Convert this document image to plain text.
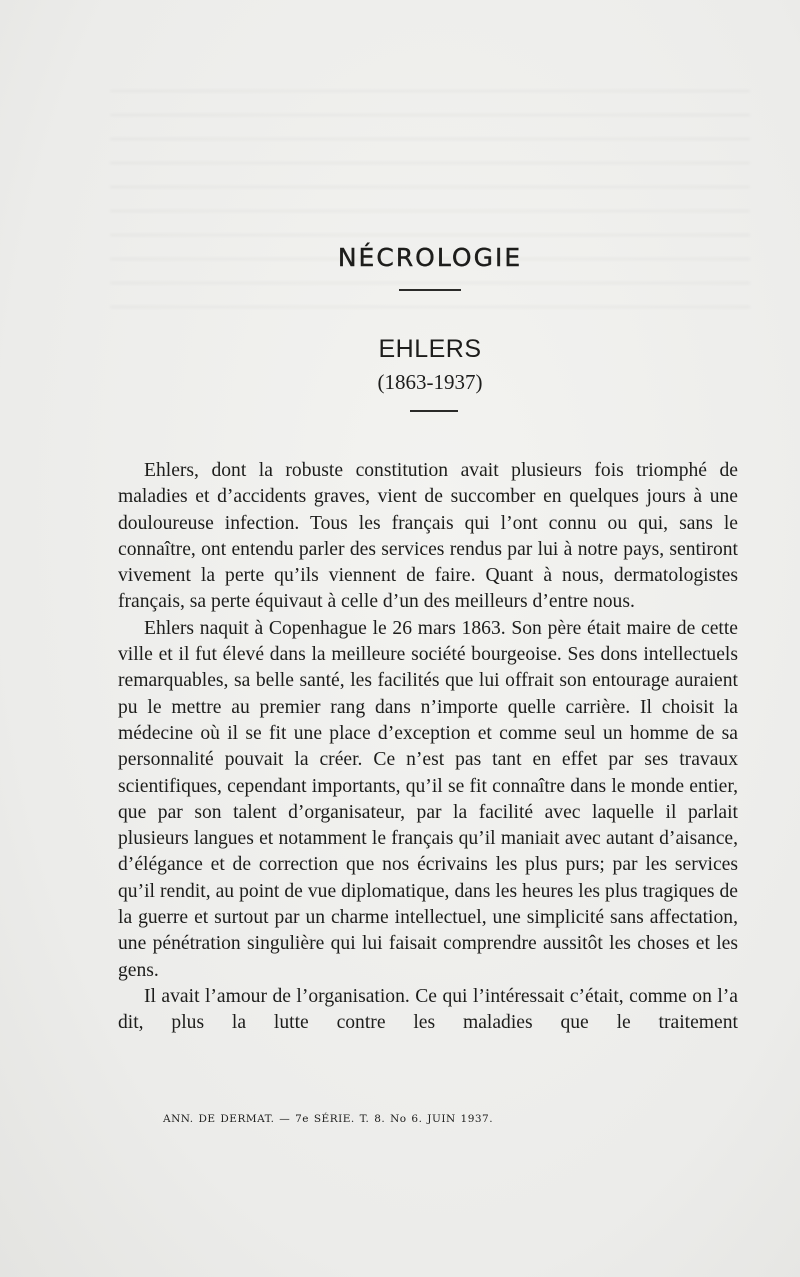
NÉCROLOGIE
EHLERS
(1863-1937)

Ehlers, dont la robuste constitution avait plusieurs fois triomphé de maladies et d’accidents graves, vient de succomber en quelques jours à une douloureuse infection. Tous les français qui l’ont connu ou qui, sans le connaître, ont entendu parler des services rendus par lui à notre pays, sentiront vivement la perte qu’ils viennent de faire. Quant à nous, dermatologistes français, sa perte équivaut à celle d’un des meilleurs d’entre nous.

Ehlers naquit à Copenhague le 26 mars 1863. Son père était maire de cette ville et il fut élevé dans la meilleure société bourgeoise. Ses dons intellectuels remarquables, sa belle santé, les facilités que lui offrait son entourage auraient pu le mettre au premier rang dans n’importe quelle carrière. Il choisit la médecine où il se fit une place d’exception et comme seul un homme de sa personnalité pouvait la créer. Ce n’est pas tant en effet par ses travaux scientifiques, cependant importants, qu’il se fit connaître dans le monde entier, que par son talent d’organisateur, par la facilité avec laquelle il parlait plusieurs langues et notamment le français qu’il maniait avec autant d’aisance, d’élégance et de correction que nos écrivains les plus purs; par les services qu’il rendit, au point de vue diplomatique, dans les heures les plus tragiques de la guerre et surtout par un charme intellectuel, une simplicité sans affectation, une pénétration singulière qui lui faisait comprendre aussitôt les choses et les gens.

Il avait l’amour de l’organisation. Ce qui l’intéressait c’était, comme on l’a dit, plus la lutte contre les maladies que le traitement

ANN. DE DERMAT. — 7e SÉRIE. T. 8. No 6. JUIN 1937.
